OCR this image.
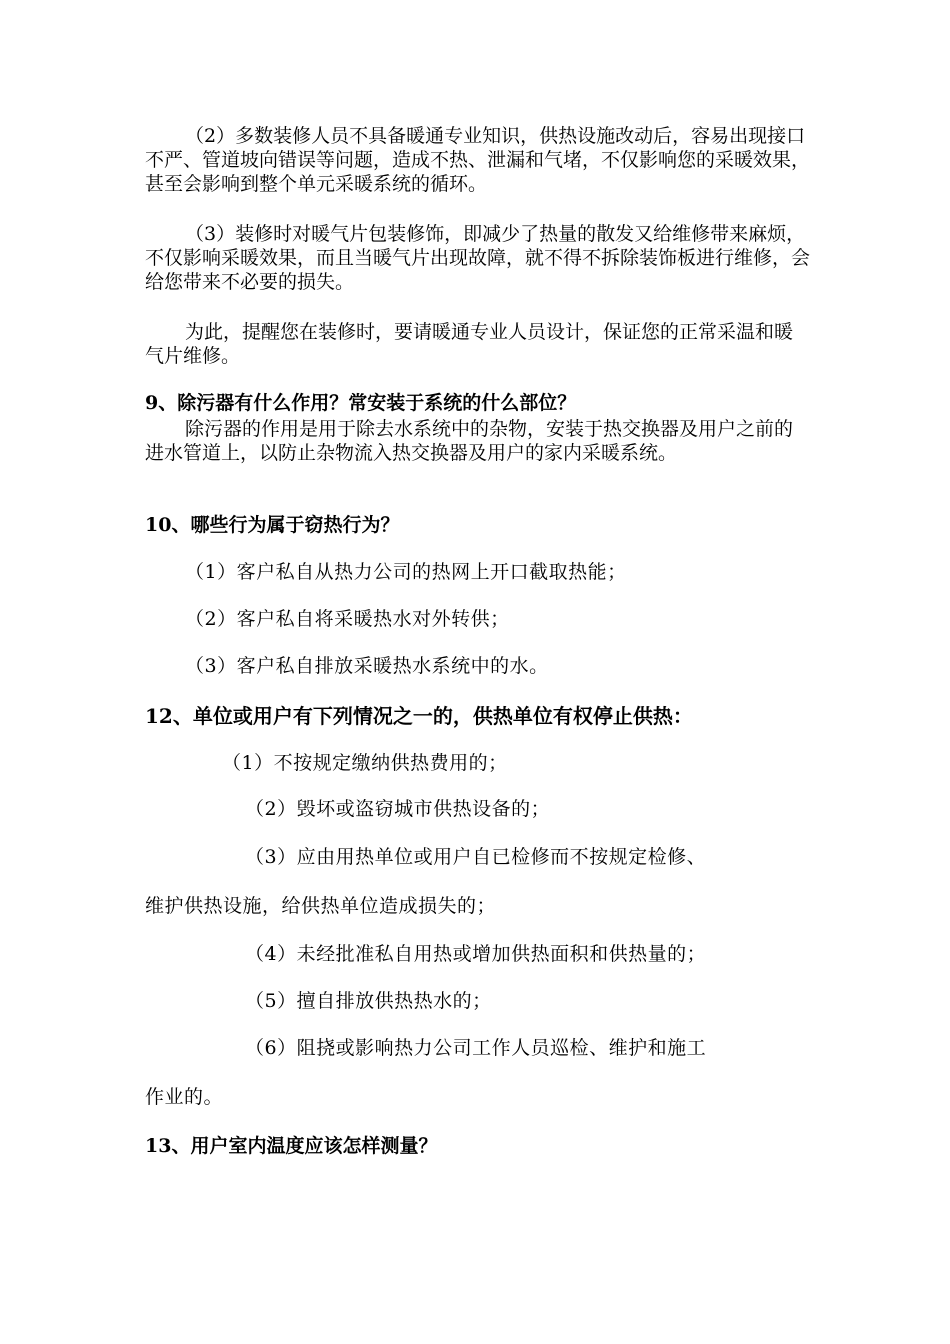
（2）多数装修人员不具备暖通专业知识，供热设施改动后，容易出现接口不严、管道坡向错误等问题，造成不热、泄漏和气堵，不仅影响您的采暖效果，甚至会影响到整个单元采暖系统的循环。
（3）装修时对暖气片包装修饰，即减少了热量的散发又给维修带来麻烦，不仅影响采暖效果，而且当暖气片出现故障，就不得不拆除装饰板进行维修，会给您带来不必要的损失。
为此，提醒您在装修时，要请暖通专业人员设计，保证您的正常采温和暖气片维修。
9、除污器有什么作用？常安装于系统的什么部位？
除污器的作用是用于除去水系统中的杂物，安装于热交换器及用户之前的进水管道上，以防止杂物流入热交换器及用户的家内采暖系统。
10、哪些行为属于窃热行为？
（1）客户私自从热力公司的热网上开口截取热能；
（2）客户私自将采暖热水对外转供；
（3）客户私自排放采暖热水系统中的水。
12、单位或用户有下列情况之一的，供热单位有权停止供热：
（1）不按规定缴纳供热费用的；
（2）毁坏或盗窃城市供热设备的；
（3）应由用热单位或用户自已检修而不按规定检修、
维护供热设施，给供热单位造成损失的；
（4）未经批准私自用热或增加供热面积和供热量的；
（5）擅自排放供热热水的；
（6）阻挠或影响热力公司工作人员巡检、维护和施工
作业的。
13、用户室内温度应该怎样测量？
